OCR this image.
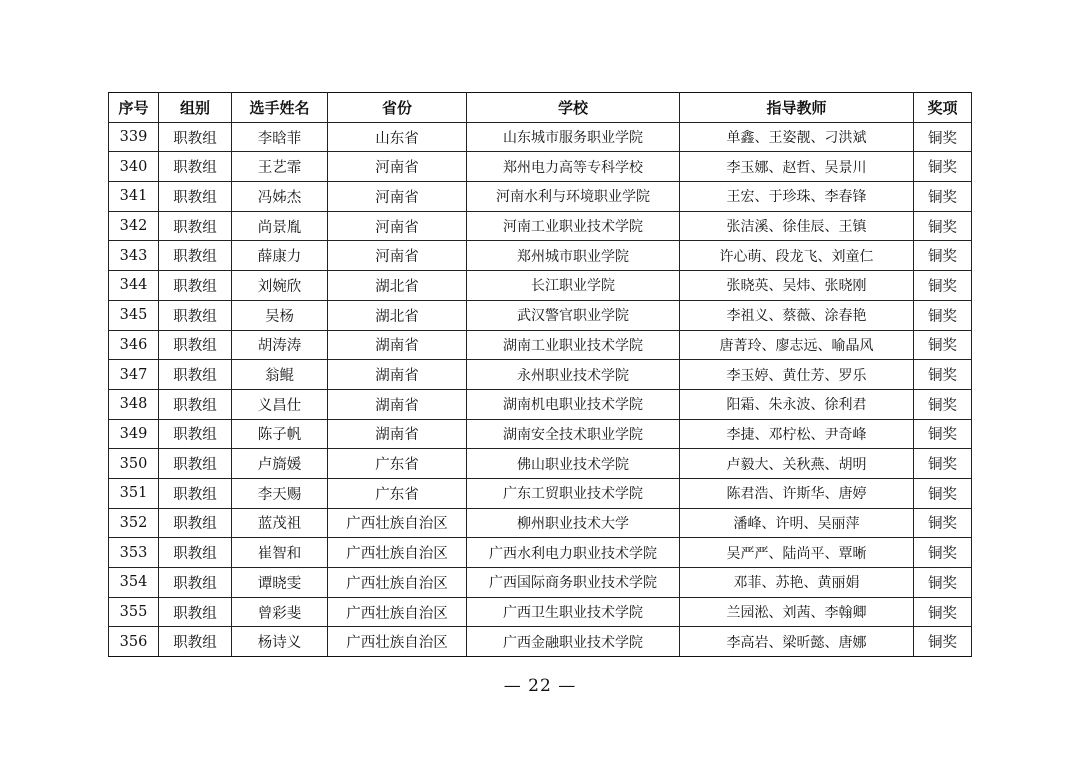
序号	组别	选手姓名	省份	学校	指导教师	奖项
339	职教组	李晗菲	山东省	山东城市服务职业学院	单鑫、王姿靓、刁洪斌	铜奖
340	职教组	王艺霏	河南省	郑州电力高等专科学校	李玉娜、赵哲、吴景川	铜奖
341	职教组	冯姊杰	河南省	河南水利与环境职业学院	王宏、于珍珠、李春锋	铜奖
342	职教组	尚景胤	河南省	河南工业职业技术学院	张洁溪、徐佳辰、王镇	铜奖
343	职教组	薛康力	河南省	郑州城市职业学院	许心萌、段龙飞、刘童仁	铜奖
344	职教组	刘婉欣	湖北省	长江职业学院	张晓英、吴炜、张晓刚	铜奖
345	职教组	吴杨	湖北省	武汉警官职业学院	李祖义、蔡薇、涂春艳	铜奖
346	职教组	胡涛涛	湖南省	湖南工业职业技术学院	唐菁玲、廖志远、喻晶风	铜奖
347	职教组	翁鲲	湖南省	永州职业技术学院	李玉婷、黄仕芳、罗乐	铜奖
348	职教组	义昌仕	湖南省	湖南机电职业技术学院	阳霜、朱永波、徐利君	铜奖
349	职教组	陈子帆	湖南省	湖南安全技术职业学院	李捷、邓柠松、尹奇峰	铜奖
350	职教组	卢旖媛	广东省	佛山职业技术学院	卢毅大、关秋燕、胡明	铜奖
351	职教组	李天赐	广东省	广东工贸职业技术学院	陈君浩、许斯华、唐婷	铜奖
352	职教组	蓝茂祖	广西壮族自治区	柳州职业技术大学	潘峰、许明、吴丽萍	铜奖
353	职教组	崔智和	广西壮族自治区	广西水利电力职业技术学院	吴严严、陆尚平、覃晰	铜奖
354	职教组	谭晓雯	广西壮族自治区	广西国际商务职业技术学院	邓菲、苏艳、黄丽娟	铜奖
355	职教组	曾彩斐	广西壮族自治区	广西卫生职业技术学院	兰园淞、刘茜、李翰卿	铜奖
356	职教组	杨诗义	广西壮族自治区	广西金融职业技术学院	李高岩、梁昕懿、唐娜	铜奖
— 22 —
